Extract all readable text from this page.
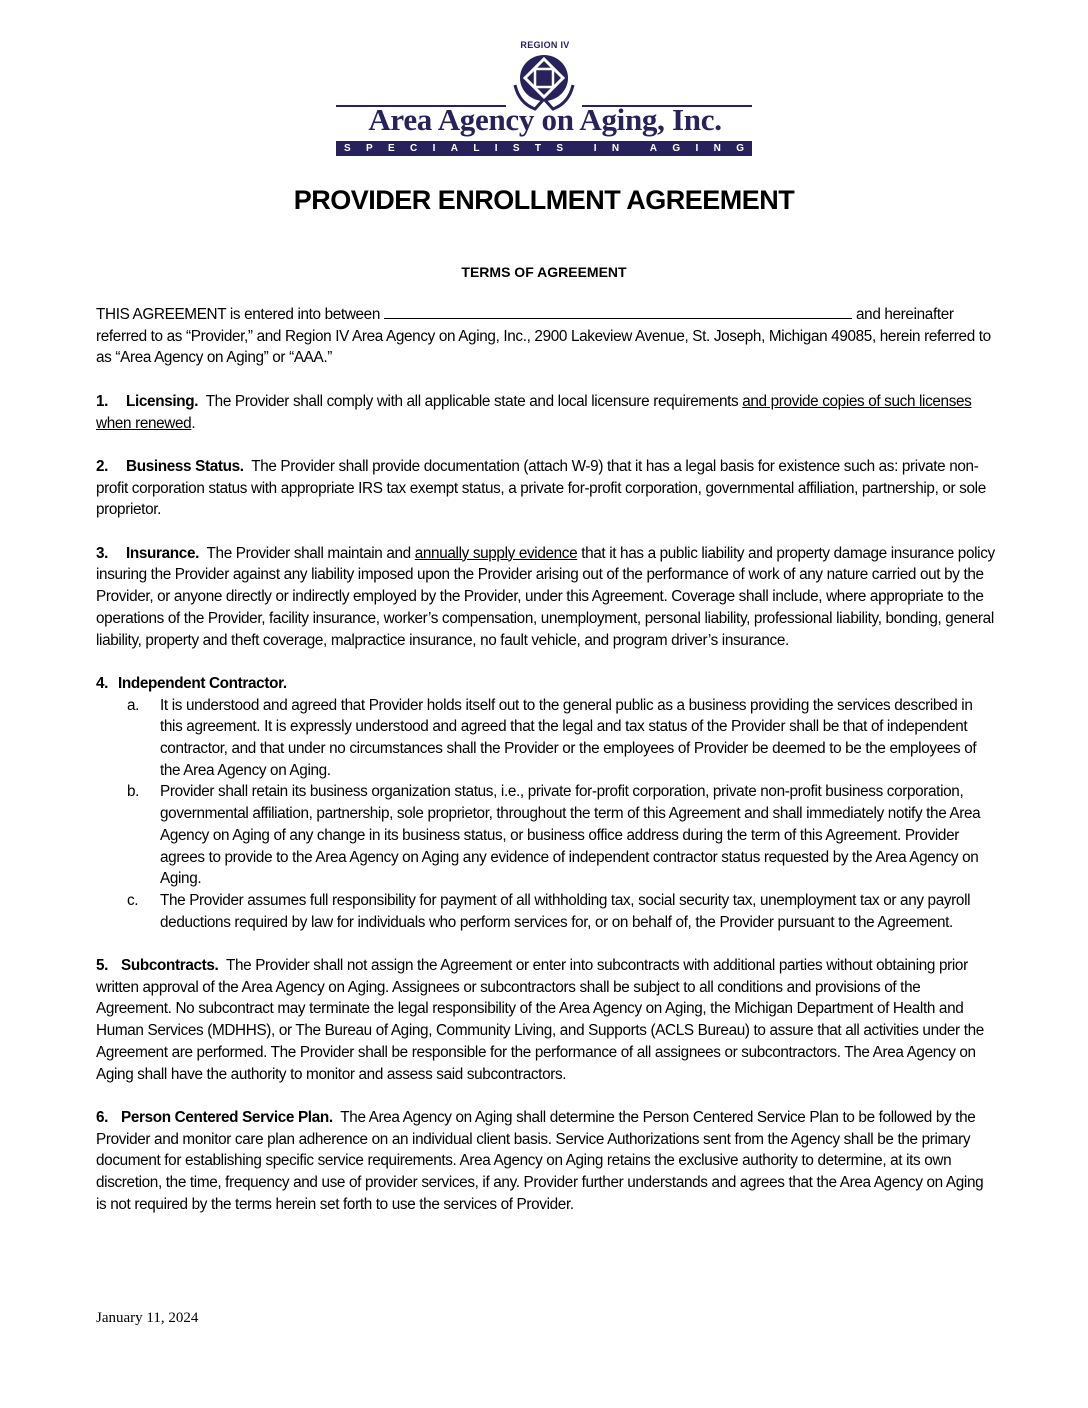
REGION IV
Area Agency on Aging, Inc.
S P E C I A L I S T S	I N	A G I N G
PROVIDER ENROLLMENT AGREEMENT
TERMS OF AGREEMENT

THIS AGREEMENT is entered into between	and hereinafter referred to as “Provider,” and Region IV Area Agency on Aging, Inc., 2900 Lakeview Avenue, St. Joseph, Michigan 49085, herein referred to as “Area Agency on Aging” or “AAA.”

1. Licensing. The Provider shall comply with all applicable state and local licensure requirements and provide copies of such licenses when renewed.

2. Business Status. The Provider shall provide documentation (attach W-9) that it has a legal basis for existence such as: private non-profit corporation status with appropriate IRS tax exempt status, a private for-profit corporation, governmental affiliation, partnership, or sole proprietor.

3. Insurance. The Provider shall maintain and annually supply evidence that it has a public liability and property damage insurance policy insuring the Provider against any liability imposed upon the Provider arising out of the performance of work of any nature carried out by the Provider, or anyone directly or indirectly employed by the Provider, under this Agreement. Coverage shall include, where appropriate to the operations of the Provider, facility insurance, worker’s compensation, unemployment, personal liability, professional liability, bonding, general liability, property and theft coverage, malpractice insurance, no fault vehicle, and program driver’s insurance.

4. Independent Contractor.
a. It is understood and agreed that Provider holds itself out to the general public as a business providing the services described in this agreement. It is expressly understood and agreed that the legal and tax status of the Provider shall be that of independent contractor, and that under no circumstances shall the Provider or the employees of Provider be deemed to be the employees of the Area Agency on Aging.
b. Provider shall retain its business organization status, i.e., private for-profit corporation, private non-profit business corporation, governmental affiliation, partnership, sole proprietor, throughout the term of this Agreement and shall immediately notify the Area Agency on Aging of any change in its business status, or business office address during the term of this Agreement. Provider agrees to provide to the Area Agency on Aging any evidence of independent contractor status requested by the Area Agency on Aging.
c. The Provider assumes full responsibility for payment of all withholding tax, social security tax, unemployment tax or any payroll deductions required by law for individuals who perform services for, or on behalf of, the Provider pursuant to the Agreement.

5. Subcontracts. The Provider shall not assign the Agreement or enter into subcontracts with additional parties without obtaining prior written approval of the Area Agency on Aging. Assignees or subcontractors shall be subject to all conditions and provisions of the Agreement. No subcontract may terminate the legal responsibility of the Area Agency on Aging, the Michigan Department of Health and Human Services (MDHHS), or The Bureau of Aging, Community Living, and Supports (ACLS Bureau) to assure that all activities under the Agreement are performed. The Provider shall be responsible for the performance of all assignees or subcontractors. The Area Agency on Aging shall have the authority to monitor and assess said subcontractors.

6. Person Centered Service Plan. The Area Agency on Aging shall determine the Person Centered Service Plan to be followed by the Provider and monitor care plan adherence on an individual client basis. Service Authorizations sent from the Agency shall be the primary document for establishing specific service requirements. Area Agency on Aging retains the exclusive authority to determine, at its own discretion, the time, frequency and use of provider services, if any. Provider further understands and agrees that the Area Agency on Aging is not required by the terms herein set forth to use the services of Provider.

January 11, 2024
